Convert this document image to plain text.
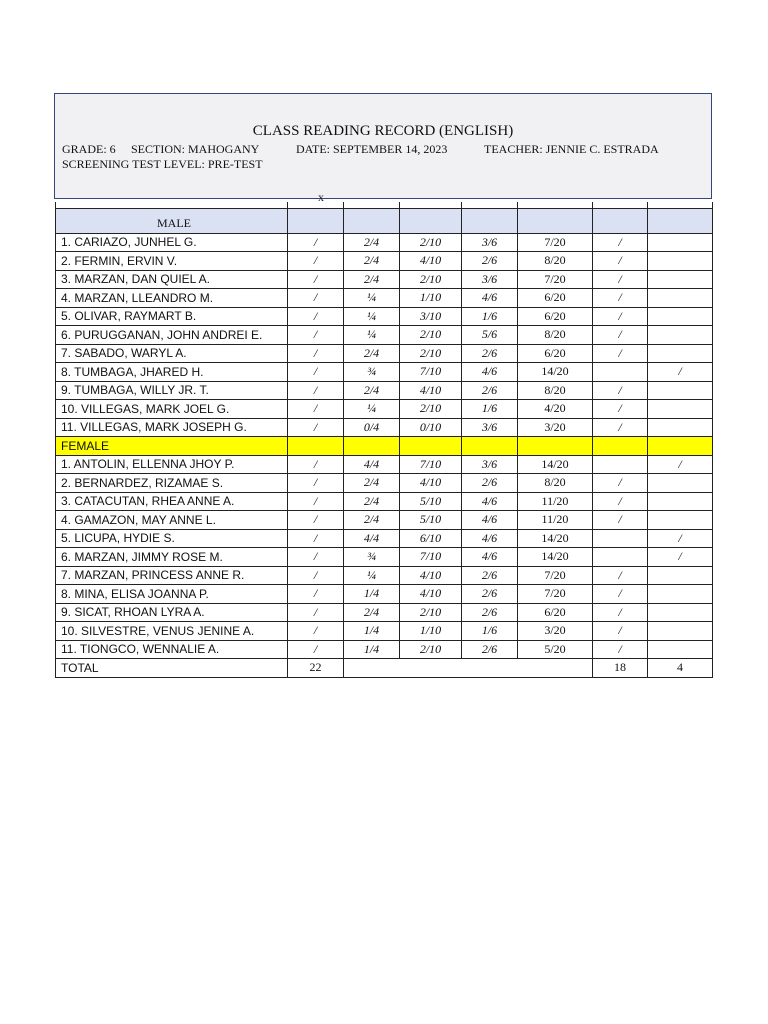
CLASS READING RECORD (ENGLISH)
GRADE: 6 SECTION: MAHOGANY	DATE: SEPTEMBER 14, 2023	TEACHER: JENNIE C. ESTRADA
SCREENING TEST LEVEL: PRE-TEST
x

MALE							
1. CARIAZO, JUNHEL G.	/	2/4	2/10	3/6	7/20	/	
2. FERMIN, ERVIN V.	/	2/4	4/10	2/6	8/20	/	
3. MARZAN, DAN QUIEL A.	/	2/4	2/10	3/6	7/20	/	
4. MARZAN, LLEANDRO M.	/	¼	1/10	4/6	6/20	/	
5. OLIVAR, RAYMART B.	/	¼	3/10	1/6	6/20	/	
6. PURUGGANAN, JOHN ANDREI E.	/	¼	2/10	5/6	8/20	/	
7. SABADO, WARYL A.	/	2/4	2/10	2/6	6/20	/	
8. TUMBAGA, JHARED H.	/	¾	7/10	4/6	14/20		/
9. TUMBAGA, WILLY JR. T.	/	2/4	4/10	2/6	8/20	/	
10. VILLEGAS, MARK JOEL G.	/	¼	2/10	1/6	4/20	/	
11. VILLEGAS, MARK JOSEPH G.	/	0/4	0/10	3/6	3/20	/	
FEMALE							
1. ANTOLIN, ELLENNA JHOY P.	/	4/4	7/10	3/6	14/20		/
2. BERNARDEZ, RIZAMAE S.	/	2/4	4/10	2/6	8/20	/	
3. CATACUTAN, RHEA ANNE A.	/	2/4	5/10	4/6	11/20	/	
4. GAMAZON, MAY ANNE L.	/	2/4	5/10	4/6	11/20	/	
5. LICUPA, HYDIE S.	/	4/4	6/10	4/6	14/20		/
6. MARZAN, JIMMY ROSE M.	/	¾	7/10	4/6	14/20		/
7. MARZAN, PRINCESS ANNE R.	/	¼	4/10	2/6	7/20	/	
8. MINA, ELISA JOANNA P.	/	1/4	4/10	2/6	7/20	/	
9. SICAT, RHOAN LYRA A.	/	2/4	2/10	2/6	6/20	/	
10. SILVESTRE, VENUS JENINE A.	/	1/4	1/10	1/6	3/20	/	
11. TIONGCO, WENNALIE A.	/	1/4	2/10	2/6	5/20	/	
TOTAL	22					18	4
